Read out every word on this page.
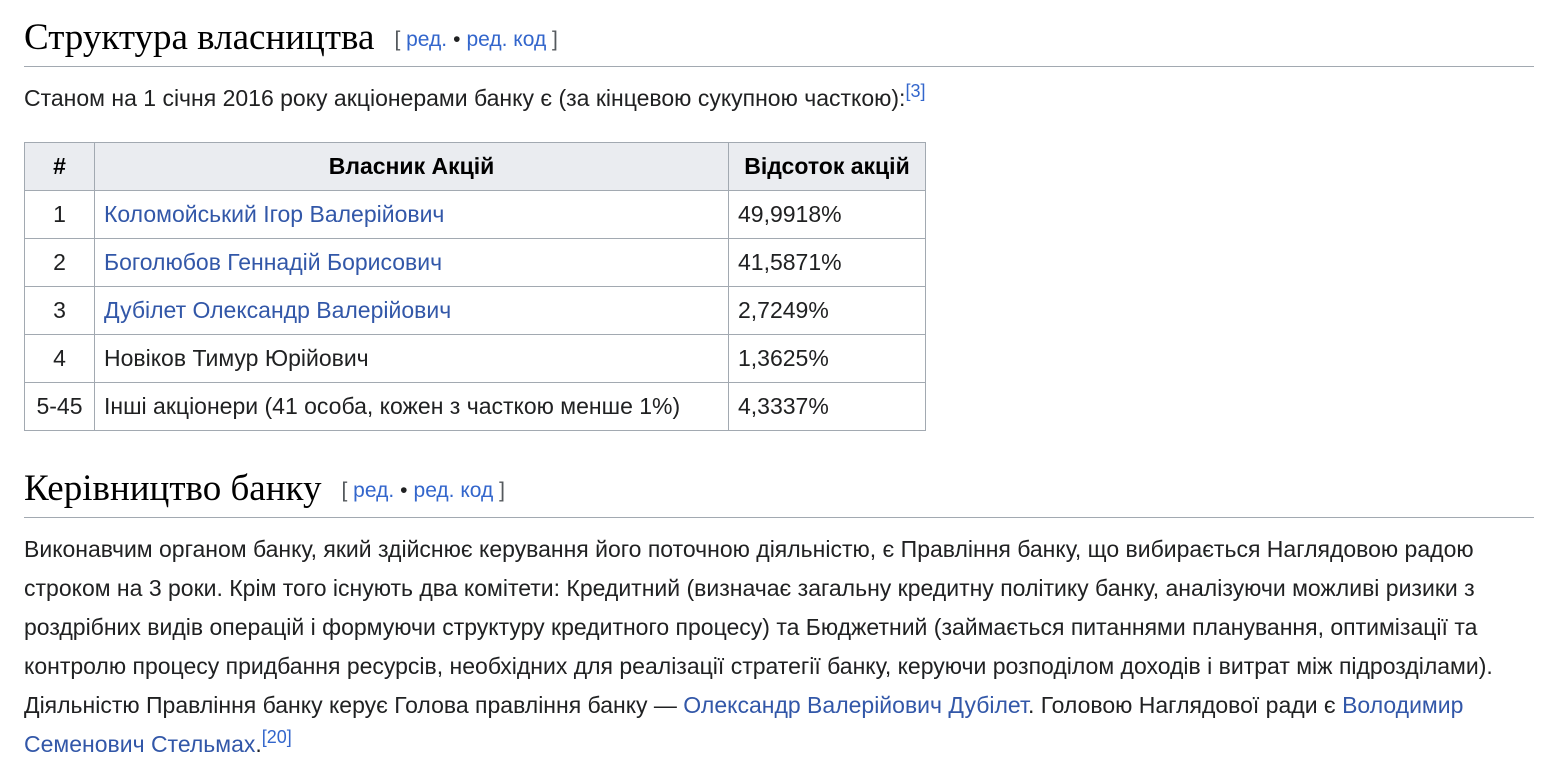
Структура власництва [ ред. • ред. код ]

Станом на 1 січня 2016 року акціонерами банку є (за кінцевою сукупною часткою):[3]

#	Власник Акцій	Відсоток акцій
1	Коломойський Ігор Валерійович	49,9918%
2	Боголюбов Геннадій Борисович	41,5871%
3	Дубілет Олександр Валерійович	2,7249%
4	Новіков Тимур Юрійович	1,3625%
5-45	Інші акціонери (41 особа, кожен з часткою менше 1%)	4,3337%
Керівництво банку [ ред. • ред. код ]

Виконавчим органом банку, який здійснює керування його поточною діяльністю, є Правління банку, що вибирається Наглядовою радою строком на 3 роки. Крім того існують два комітети: Кредитний (визначає загальну кредитну політику банку, аналізуючи можливі ризики з роздрібних видів операцій і формуючи структуру кредитного процесу) та Бюджетний (займається питаннями планування, оптимізації та контролю процесу придбання ресурсів, необхідних для реалізації стратегії банку, керуючи розподілом доходів і витрат між підрозділами). Діяльністю Правління банку керує Голова правління банку — Олександр Валерійович Дубілет. Головою Наглядової ради є Володимир Семенович Стельмах.[20]
